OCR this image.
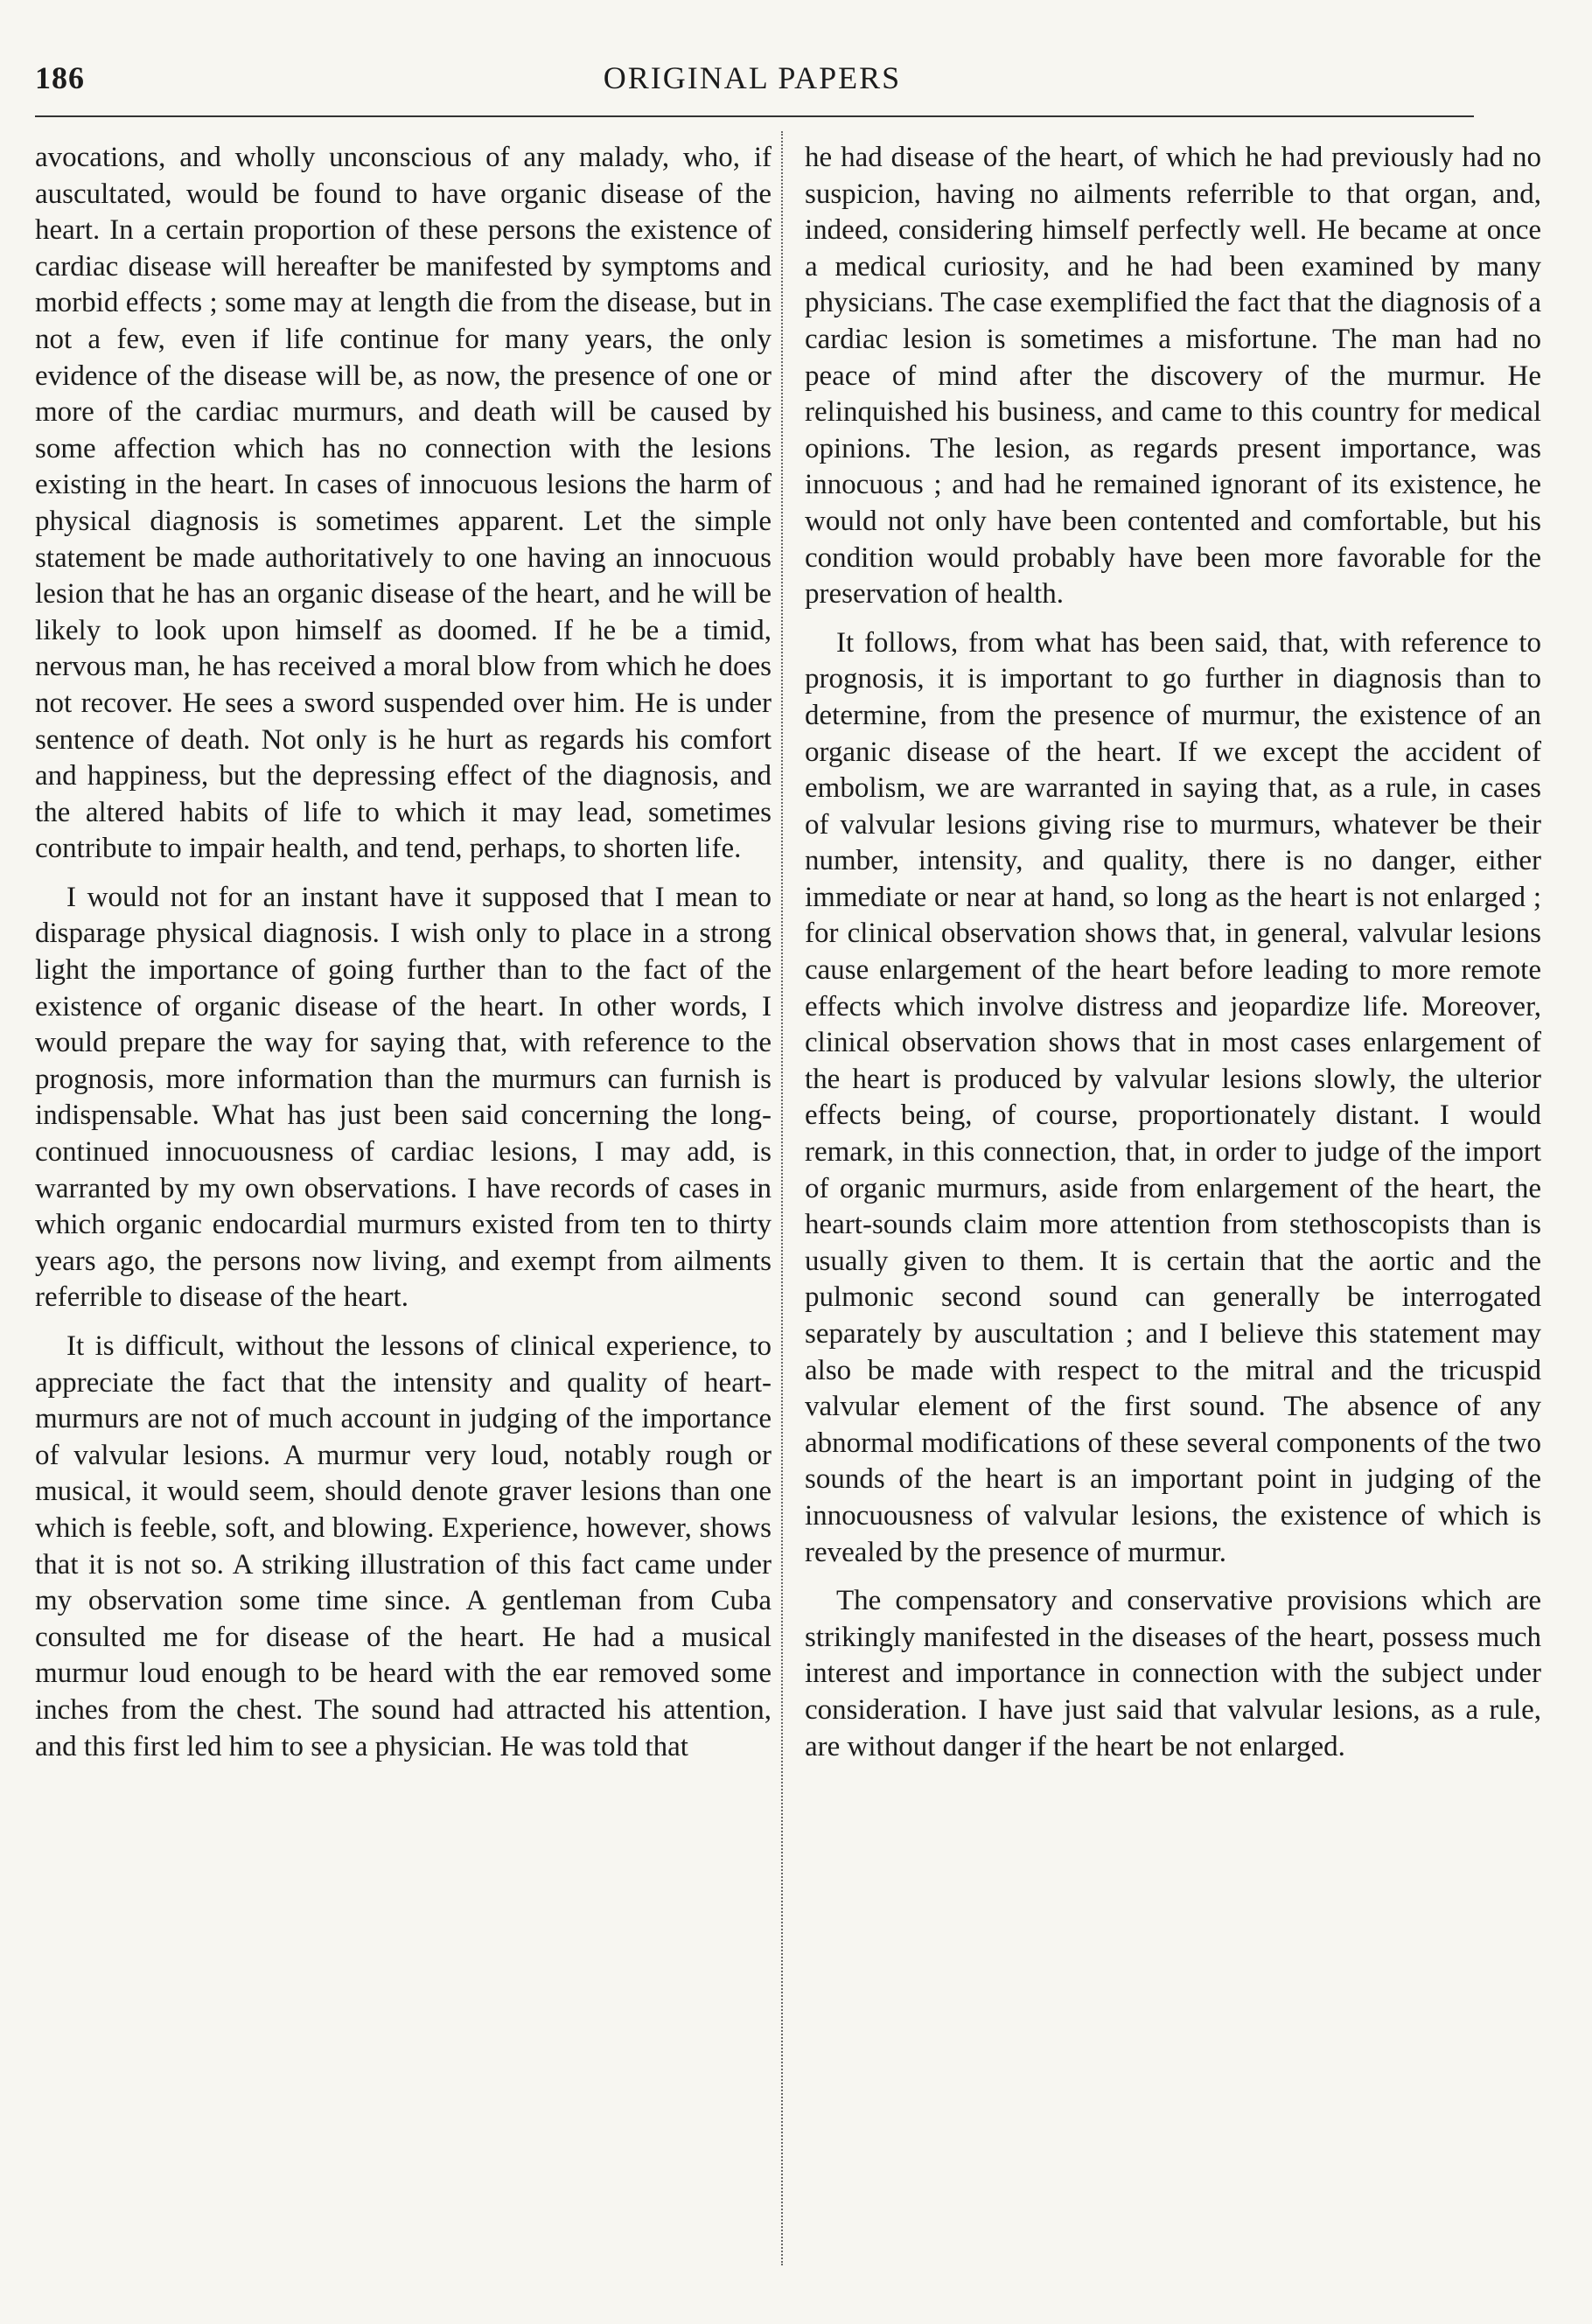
186	ORIGINAL PAPERS

avocations, and wholly unconscious of any malady, who, if auscultated, would be found to have organic disease of the heart. In a certain proportion of these persons the existence of cardiac disease will hereafter be manifested by symptoms and morbid effects ; some may at length die from the disease, but in not a few, even if life continue for many years, the only evidence of the disease will be, as now, the presence of one or more of the cardiac murmurs, and death will be caused by some affection which has no connection with the lesions existing in the heart. In cases of innocuous lesions the harm of physical diagnosis is sometimes apparent. Let the simple statement be made authoritatively to one having an innocuous lesion that he has an organic disease of the heart, and he will be likely to look upon himself as doomed. If he be a timid, nervous man, he has received a moral blow from which he does not recover. He sees a sword suspended over him. He is under sentence of death. Not only is he hurt as regards his comfort and happiness, but the depressing effect of the diagnosis, and the altered habits of life to which it may lead, sometimes contribute to impair health, and tend, perhaps, to shorten life.

I would not for an instant have it supposed that I mean to disparage physical diagnosis. I wish only to place in a strong light the importance of going further than to the fact of the existence of organic disease of the heart. In other words, I would prepare the way for saying that, with reference to the prognosis, more information than the murmurs can furnish is indispensable. What has just been said concerning the long-continued innocuousness of cardiac lesions, I may add, is warranted by my own observations. I have records of cases in which organic endocardial murmurs existed from ten to thirty years ago, the persons now living, and exempt from ailments referrible to disease of the heart.

It is difficult, without the lessons of clinical experience, to appreciate the fact that the intensity and quality of heart-murmurs are not of much account in judging of the importance of valvular lesions. A murmur very loud, notably rough or musical, it would seem, should denote graver lesions than one which is feeble, soft, and blowing. Experience, however, shows that it is not so. A striking illustration of this fact came under my observation some time since. A gentleman from Cuba consulted me for disease of the heart. He had a musical murmur loud enough to be heard with the ear removed some inches from the chest. The sound had attracted his attention, and this first led him to see a physician. He was told that

he had disease of the heart, of which he had previously had no suspicion, having no ailments referrible to that organ, and, indeed, considering himself perfectly well. He became at once a medical curiosity, and he had been examined by many physicians. The case exemplified the fact that the diagnosis of a cardiac lesion is sometimes a misfortune. The man had no peace of mind after the discovery of the murmur. He relinquished his business, and came to this country for medical opinions. The lesion, as regards present importance, was innocuous ; and had he remained ignorant of its existence, he would not only have been contented and comfortable, but his condition would probably have been more favorable for the preservation of health.

It follows, from what has been said, that, with reference to prognosis, it is important to go further in diagnosis than to determine, from the presence of murmur, the existence of an organic disease of the heart. If we except the accident of embolism, we are warranted in saying that, as a rule, in cases of valvular lesions giving rise to murmurs, whatever be their number, intensity, and quality, there is no danger, either immediate or near at hand, so long as the heart is not enlarged ; for clinical observation shows that, in general, valvular lesions cause enlargement of the heart before leading to more remote effects which involve distress and jeopardize life. Moreover, clinical observation shows that in most cases enlargement of the heart is produced by valvular lesions slowly, the ulterior effects being, of course, proportionately distant. I would remark, in this connection, that, in order to judge of the import of organic murmurs, aside from enlargement of the heart, the heart-sounds claim more attention from stethoscopists than is usually given to them. It is certain that the aortic and the pulmonic second sound can generally be interrogated separately by auscultation ; and I believe this statement may also be made with respect to the mitral and the tricuspid valvular element of the first sound. The absence of any abnormal modifications of these several components of the two sounds of the heart is an important point in judging of the innocuousness of valvular lesions, the existence of which is revealed by the presence of murmur.

The compensatory and conservative provisions which are strikingly manifested in the diseases of the heart, possess much interest and importance in connection with the subject under consideration. I have just said that valvular lesions, as a rule, are without danger if the heart be not enlarged.
